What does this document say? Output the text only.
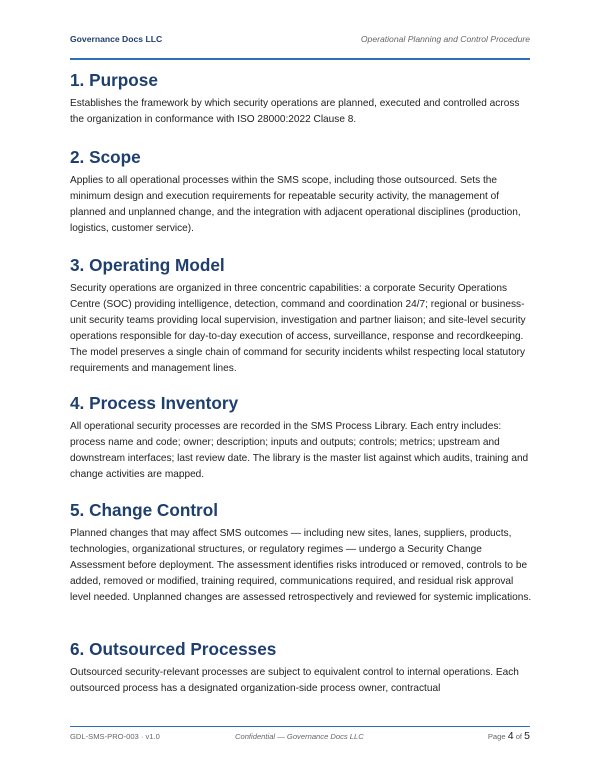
Governance Docs LLC	Operational Planning and Control Procedure
1. Purpose

Establishes the framework by which security operations are planned, executed and controlled across the organization in conformance with ISO 28000:2022 Clause 8.

2. Scope

Applies to all operational processes within the SMS scope, including those outsourced. Sets the minimum design and execution requirements for repeatable security activity, the management of planned and unplanned change, and the integration with adjacent operational disciplines (production, logistics, customer service).

3. Operating Model

Security operations are organized in three concentric capabilities: a corporate Security Operations Centre (SOC) providing intelligence, detection, command and coordination 24/7; regional or business-unit security teams providing local supervision, investigation and partner liaison; and site-level security operations responsible for day-to-day execution of access, surveillance, response and recordkeeping. The model preserves a single chain of command for security incidents whilst respecting local statutory requirements and management lines.

4. Process Inventory

All operational security processes are recorded in the SMS Process Library. Each entry includes: process name and code; owner; description; inputs and outputs; controls; metrics; upstream and downstream interfaces; last review date. The library is the master list against which audits, training and change activities are mapped.

5. Change Control

Planned changes that may affect SMS outcomes — including new sites, lanes, suppliers, products, technologies, organizational structures, or regulatory regimes — undergo a Security Change Assessment before deployment. The assessment identifies risks introduced or removed, controls to be added, removed or modified, training required, communications required, and residual risk approval level needed. Unplanned changes are assessed retrospectively and reviewed for systemic implications.

6. Outsourced Processes

Outsourced security-relevant processes are subject to equivalent control to internal operations. Each outsourced process has a designated organization-side process owner, contractual

GDL-SMS-PRO-003 · v1.0	Confidential — Governance Docs LLC	Page 4 of 5
